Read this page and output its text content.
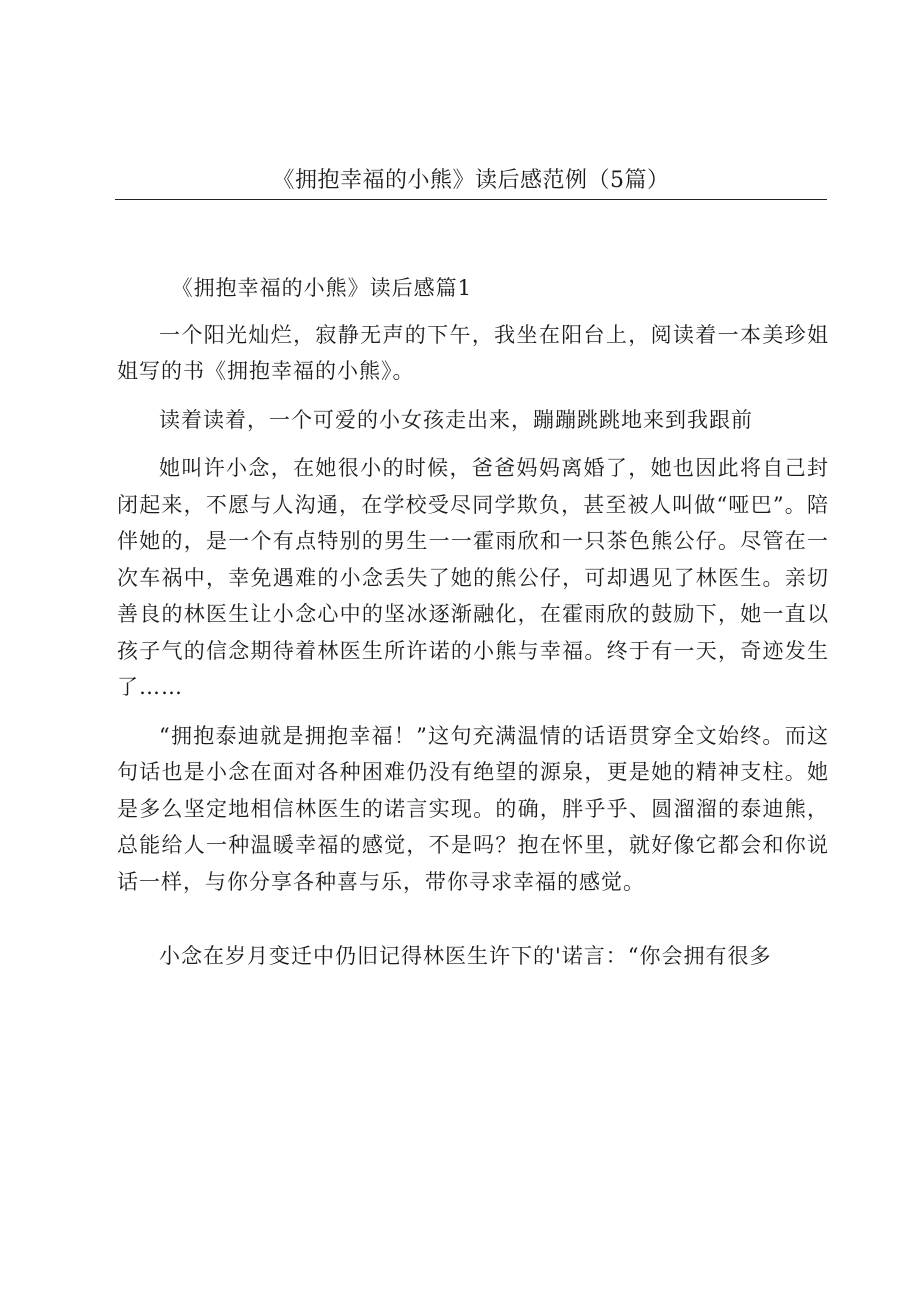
《拥抱幸福的小熊》读后感范例（5篇）

《拥抱幸福的小熊》读后感篇1

一个阳光灿烂，寂静无声的下午，我坐在阳台上，阅读着一本美珍姐姐写的书《拥抱幸福的小熊》。

读着读着，一个可爱的小女孩走出来，蹦蹦跳跳地来到我跟前

她叫许小念，在她很小的时候，爸爸妈妈离婚了，她也因此将自己封闭起来，不愿与人沟通，在学校受尽同学欺负，甚至被人叫做“哑巴”。陪伴她的，是一个有点特别的男生一一霍雨欣和一只茶色熊公仔。尽管在一次车祸中，幸免遇难的小念丢失了她的熊公仔，可却遇见了林医生。亲切善良的林医生让小念心中的坚冰逐渐融化，在霍雨欣的鼓励下，她一直以孩子气的信念期待着林医生所许诺的小熊与幸福。终于有一天，奇迹发生了……

“拥抱泰迪就是拥抱幸福！”这句充满温情的话语贯穿全文始终。而这句话也是小念在面对各种困难仍没有绝望的源泉，更是她的精神支柱。她是多么坚定地相信林医生的诺言实现。的确，胖乎乎、圆溜溜的泰迪熊，总能给人一种温暖幸福的感觉，不是吗？抱在怀里，就好像它都会和你说话一样，与你分享各种喜与乐，带你寻求幸福的感觉。

小念在岁月变迁中仍旧记得林医生许下的'诺言：“你会拥有很多
